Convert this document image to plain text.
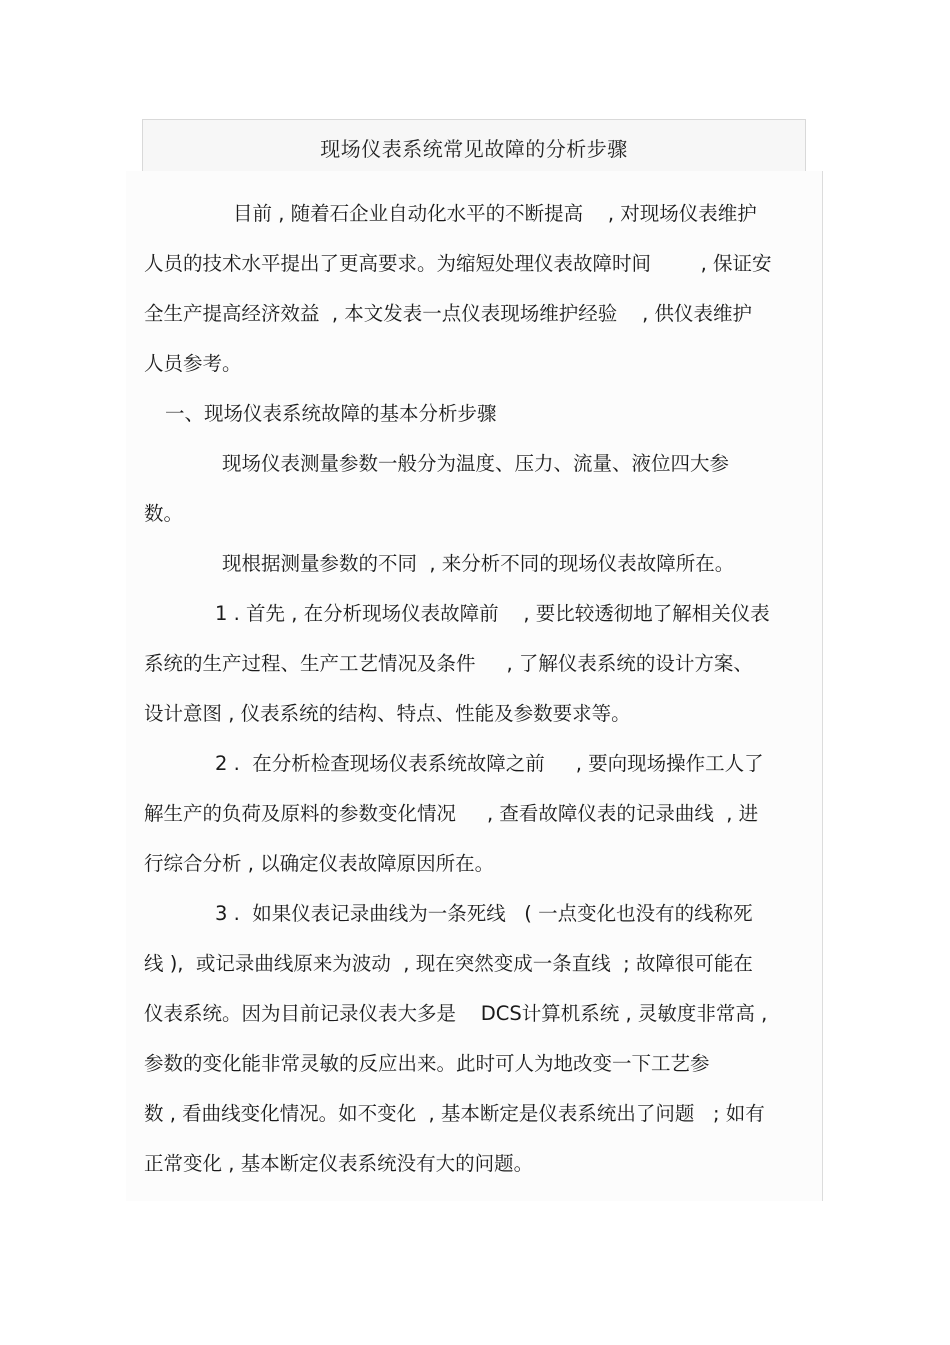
现场仪表系统常见故障的分析步骤
目前 , 随着石企业自动化水平的不断提高    , 对现场仪表维护
人员的技术水平提出了更高要求。为缩短处理仪表故障时间        , 保证安
全生产提高经济效益  , 本文发表一点仪表现场维护经验    , 供仪表维护
人员参考。
一、现场仪表系统故障的基本分析步骤
现场仪表测量参数一般分为温度、压力、流量、液位四大参
数。
现根据测量参数的不同  , 来分析不同的现场仪表故障所在。
1 . 首先 , 在分析现场仪表故障前    , 要比较透彻地了解相关仪表
系统的生产过程、生产工艺情况及条件     , 了解仪表系统的设计方案、
设计意图 , 仪表系统的结构、特点、性能及参数要求等。
2 .  在分析检查现场仪表系统故障之前     , 要向现场操作工人了
解生产的负荷及原料的参数变化情况     , 查看故障仪表的记录曲线  , 进
行综合分析 , 以确定仪表故障原因所在。
3 .  如果仪表记录曲线为一条死线   ( 一点变化也没有的线称死
线 ),  或记录曲线原来为波动  , 现在突然变成一条直线  ; 故障很可能在
仪表系统。因为目前记录仪表大多是    DCS计算机系统 , 灵敏度非常高 ,
参数的变化能非常灵敏的反应出来。此时可人为地改变一下工艺参
数 , 看曲线变化情况。如不变化  , 基本断定是仪表系统出了问题   ; 如有
正常变化 , 基本断定仪表系统没有大的问题。
